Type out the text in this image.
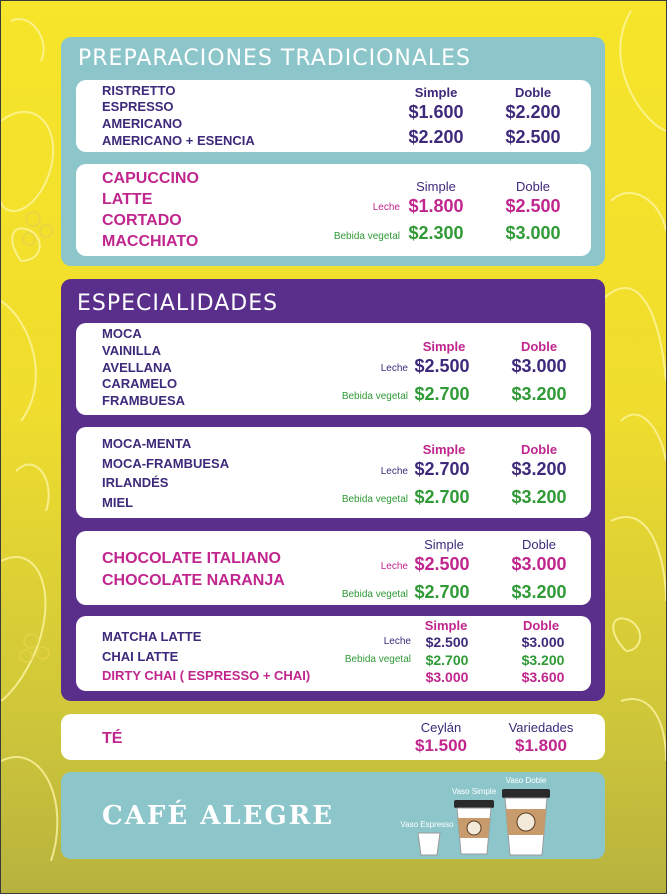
PREPARACIONES TRADICIONALES
RISTRETTO
ESPRESSO
AMERICANO
AMERICANO + ESENCIA
Simple	Doble
$1.600	$2.200
$2.200	$2.500
CAPUCCINO
LATTE
CORTADO
MACCHIATO
Simple	Doble
Leche $1.800	$2.500
Bebida vegetal $2.300	$3.000
ESPECIALIDADES
MOCA
VAINILLA
AVELLANA
CARAMELO
FRAMBUESA
Simple	Doble
Leche $2.500	$3.000
Bebida vegetal $2.700	$3.200
MOCA-MENTA
MOCA-FRAMBUESA
IRLANDÉS
MIEL
Simple	Doble
Leche $2.700	$3.200
Bebida vegetal $2.700	$3.200
CHOCOLATE ITALIANO
CHOCOLATE NARANJA
Simple	Doble
Leche $2.500	$3.000
Bebida vegetal $2.700	$3.200
MATCHA LATTE
CHAI LATTE
DIRTY CHAI ( ESPRESSO + CHAI)
Simple	Doble
Leche	$2.500	$3.000
Bebida vegetal	$2.700	$3.200
$3.000	$3.600
TÉ
Ceylán	Variedades
$1.500	$1.800
CAFÉ ALEGRE	Vaso Espresso
Vaso Simple
Vaso Doble
